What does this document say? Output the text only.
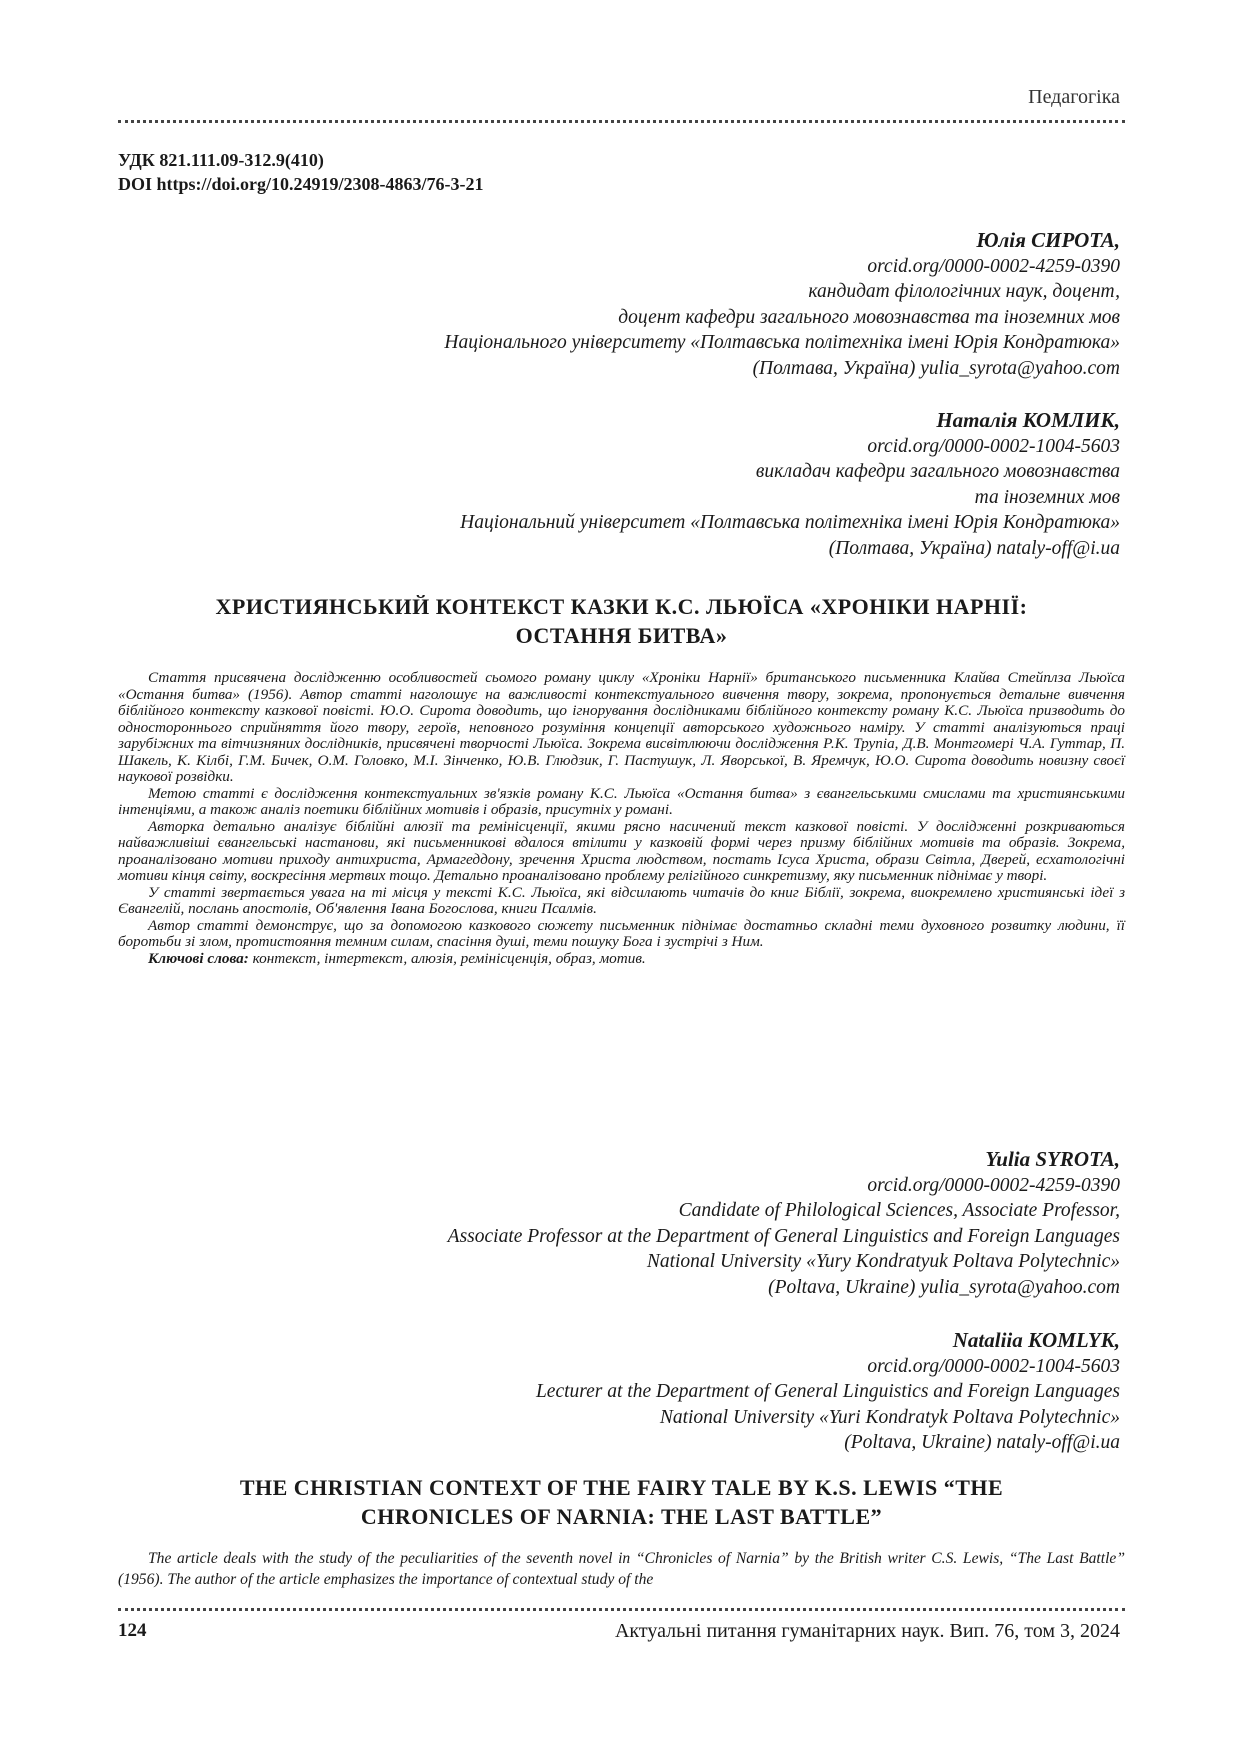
Педагогіка
УДК 821.111.09-312.9(410)
DOI https://doi.org/10.24919/2308-4863/76-3-21
Юлія СИРОТА,
orcid.org/0000-0002-4259-0390
кандидат філологічних наук, доцент,
доцент кафедри загального мовознавства та іноземних мов
Національного університету «Полтавська політехніка імені Юрія Кондратюка»
(Полтава, Україна) yulia_syrota@yahoo.com
Наталія КОМЛИК,
orcid.org/0000-0002-1004-5603
викладач кафедри загального мовознавства
та іноземних мов
Національний університет «Полтавська політехніка імені Юрія Кондратюка»
(Полтава, Україна) nataly-off@i.ua
ХРИСТИЯНСЬКИЙ КОНТЕКСТ КАЗКИ К.С. ЛЬЮЇСА «ХРОНІКИ НАРНІЇ:
ОСТАННЯ БИТВА»

Стаття присвячена дослідженню особливостей сьомого роману циклу «Хроніки Нарнії» британського письменника Клайва Стейплза Льюїса «Остання битва» (1956). Автор статті наголошує на важливості контекстуального вивчення твору, зокрема, пропонується детальне вивчення біблійного контексту казкової повісті. Ю.О. Сирота доводить, що ігнорування дослідниками біблійного контексту роману К.С. Льюїса призводить до одностороннього сприйняття його твору, героїв, неповного розуміння концепції авторського художнього наміру. У статті аналізуються праці зарубіжних та вітчизняних дослідників, присвячені творчості Льюїса. Зокрема висвітлюючи дослідження Р.К. Трупіа, Д.В. Монтгомері Ч.А. Гуттар, П. Шакель, К. Кілбі, Г.М. Бичек, О.М. Головко, М.І. Зінченко, Ю.В. Глюдзик, Г. Пастушук, Л. Яворської, В. Яремчук, Ю.О. Сирота доводить новизну своєї наукової розвідки.

Метою статті є дослідження контекстуальних зв'язків роману К.С. Льюїса «Остання битва» з євангельськими смислами та християнськими інтенціями, а також аналіз поетики біблійних мотивів і образів, присутніх у романі.

Авторка детально аналізує біблійні алюзії та ремінісценції, якими рясно насичений текст казкової повісті. У дослідженні розкриваються найважливіші євангельські настанови, які письменникові вдалося втілити у казковій формі через призму біблійних мотивів та образів. Зокрема, проаналізовано мотиви приходу антихриста, Армагеддону, зречення Христа людством, постать Ісуса Христа, образи Світла, Дверей, есхатологічні мотиви кінця світу, воскресіння мертвих тощо. Детально проаналізовано проблему релігійного синкретизму, яку письменник піднімає у творі.

У статті звертається увага на ті місця у тексті К.С. Льюїса, які відсилають читачів до книг Біблії, зокрема, виокремлено християнські ідеї з Євангелій, послань апостолів, Об'явлення Івана Богослова, книги Псалмів.

Автор статті демонструє, що за допомогою казкового сюжету письменник піднімає достатньо складні теми духовного розвитку людини, її боротьби зі злом, протистояння темним силам, спасіння душі, теми пошуку Бога і зустрічі з Ним.

Ключові слова: контекст, інтертекст, алюзія, ремінісценція, образ, мотив.

Yulia SYROTA,
orcid.org/0000-0002-4259-0390
Candidate of Philological Sciences, Associate Professor,
Associate Professor at the Department of General Linguistics and Foreign Languages
National University «Yury Kondratyuk Poltava Polytechnic»
(Poltava, Ukraine) yulia_syrota@yahoo.com
Nataliia KOMLYK,
orcid.org/0000-0002-1004-5603
Lecturer at the Department of General Linguistics and Foreign Languages
National University «Yuri Kondratyk Poltava Polytechnic»
(Poltava, Ukraine) nataly-off@i.ua
THE CHRISTIAN CONTEXT OF THE FAIRY TALE BY K.S. LEWIS “THE
CHRONICLES OF NARNIA: THE LAST BATTLE”

The article deals with the study of the peculiarities of the seventh novel in “Chronicles of Narnia” by the British writer C.S. Lewis, “The Last Battle” (1956). The author of the article emphasizes the importance of contextual study of the

124	Актуальні питання гуманітарних наук. Вип. 76, том 3, 2024
